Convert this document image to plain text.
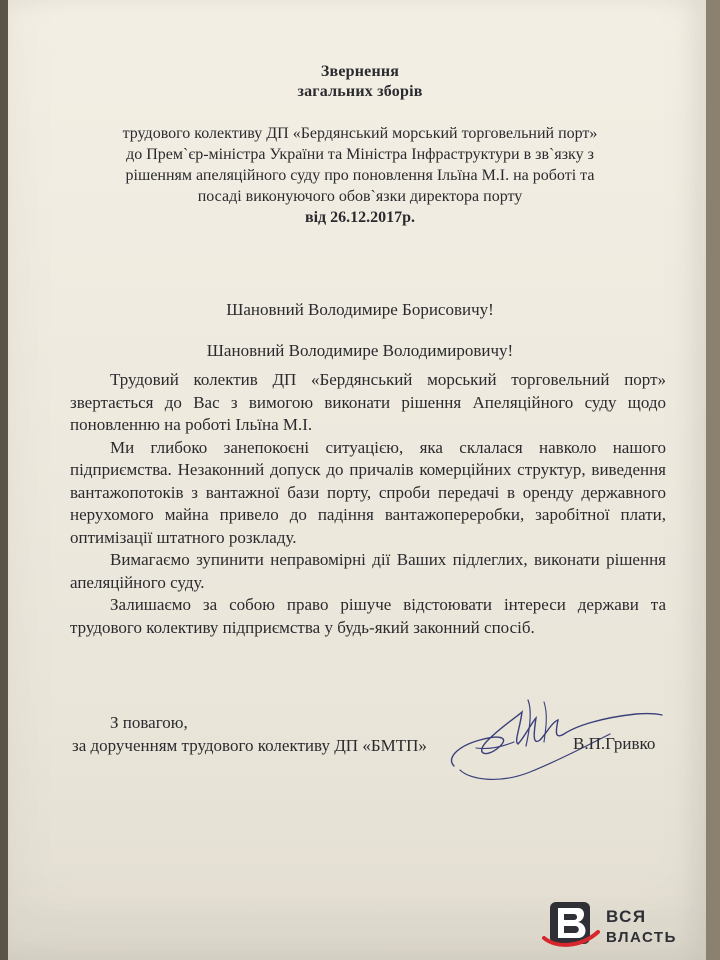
Звернення
загальних зборів
трудового колективу ДП «Бердянський морський торговельний порт»
до Прем`єр-міністра України та Міністра Інфраструктури в зв`язку з
рішенням апеляційного суду про поновлення Ільїна М.І. на роботі та
посаді виконуючого обов`язки директора порту
від 26.12.2017р.
Шановний Володимире Борисовичу!
Шановний Володимире Володимировичу!

Трудовий колектив ДП «Бердянський морський торговельний порт» звертається до Вас з вимогою виконати рішення Апеляційного суду щодо поновленню на роботі Ільїна М.І.

Ми глибоко занепокоєні ситуацією, яка склалася навколо нашого підприємства. Незаконний допуск до причалів комерційних структур, виведення вантажопотоків з вантажної бази порту, спроби передачі в оренду державного нерухомого майна привело до падіння вантажопереробки, заробітної плати, оптимізації штатного розкладу.

Вимагаємо зупинити неправомірні дії Ваших підлеглих, виконати рішення апеляційного суду.

Залишаємо за собою право рішуче відстоювати інтереси держави та трудового колективу підприємства у будь-який законний спосіб.

З повагою,
за дорученням трудового колективу ДП «БМТП»	В.П.Гривко
ВСЯ
ВЛАСТЬ
